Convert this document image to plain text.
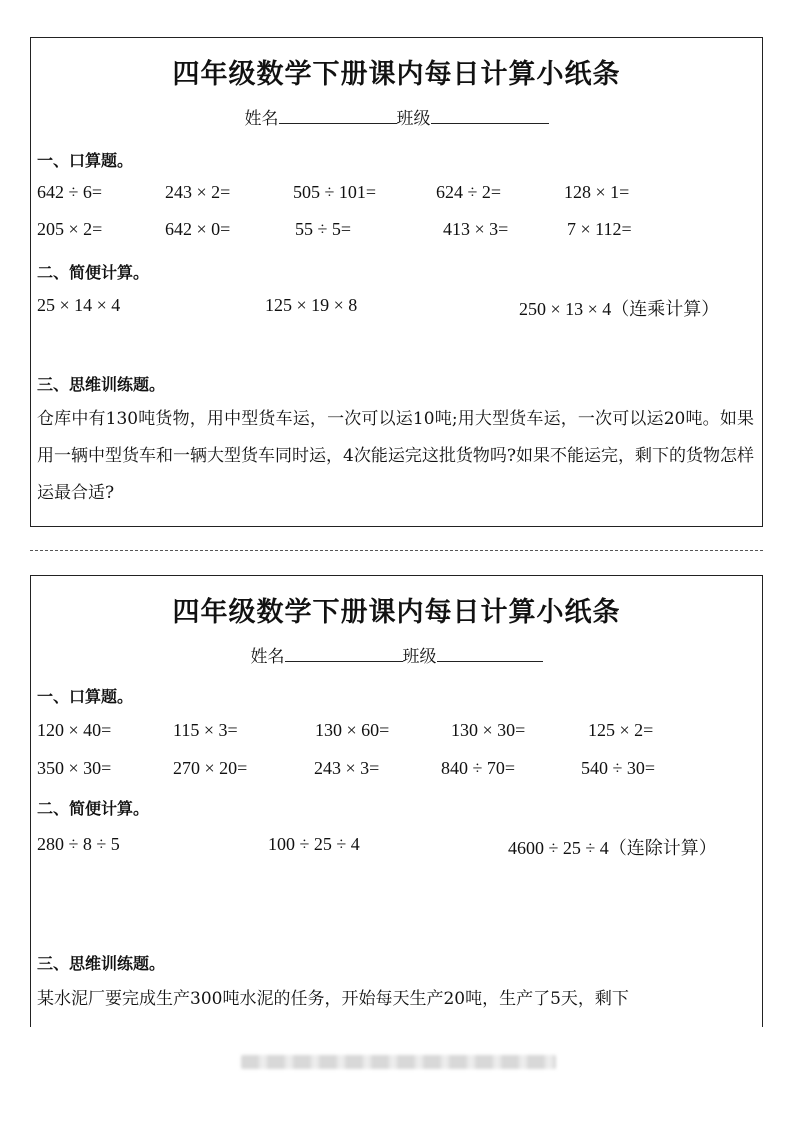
四年级数学下册课内每日计算小纸条
姓名	班级
一、口算题。
642 ÷ 6=	243 × 2=	505 ÷ 101=	624 ÷ 2=	128 × 1=
205 × 2=	642 × 0=	55 ÷ 5=	413 × 3=	7 × 112=
二、简便计算。
25 × 14 × 4	125 × 19 × 8	250 × 13 × 4（连乘计算）
三、思维训练题。
仓库中有130吨货物，用中型货车运，一次可以运10吨;用大型货车运，一次可以运20吨。如果用一辆中型货车和一辆大型货车同时运，4次能运完这批货物吗?如果不能运完，剩下的货物怎样运最合适?
四年级数学下册课内每日计算小纸条
姓名	班级
一、口算题。
120 × 40=	115 × 3=	130 × 60=	130 × 30=	125 × 2=
350 × 30=	270 × 20=	243 × 3=	840 ÷ 70=	540 ÷ 30=
二、简便计算。
280 ÷ 8 ÷ 5	100 ÷ 25 ÷ 4	4600 ÷ 25 ÷ 4（连除计算）
三、思维训练题。
某水泥厂要完成生产300吨水泥的任务，开始每天生产20吨，生产了5天，剩下
